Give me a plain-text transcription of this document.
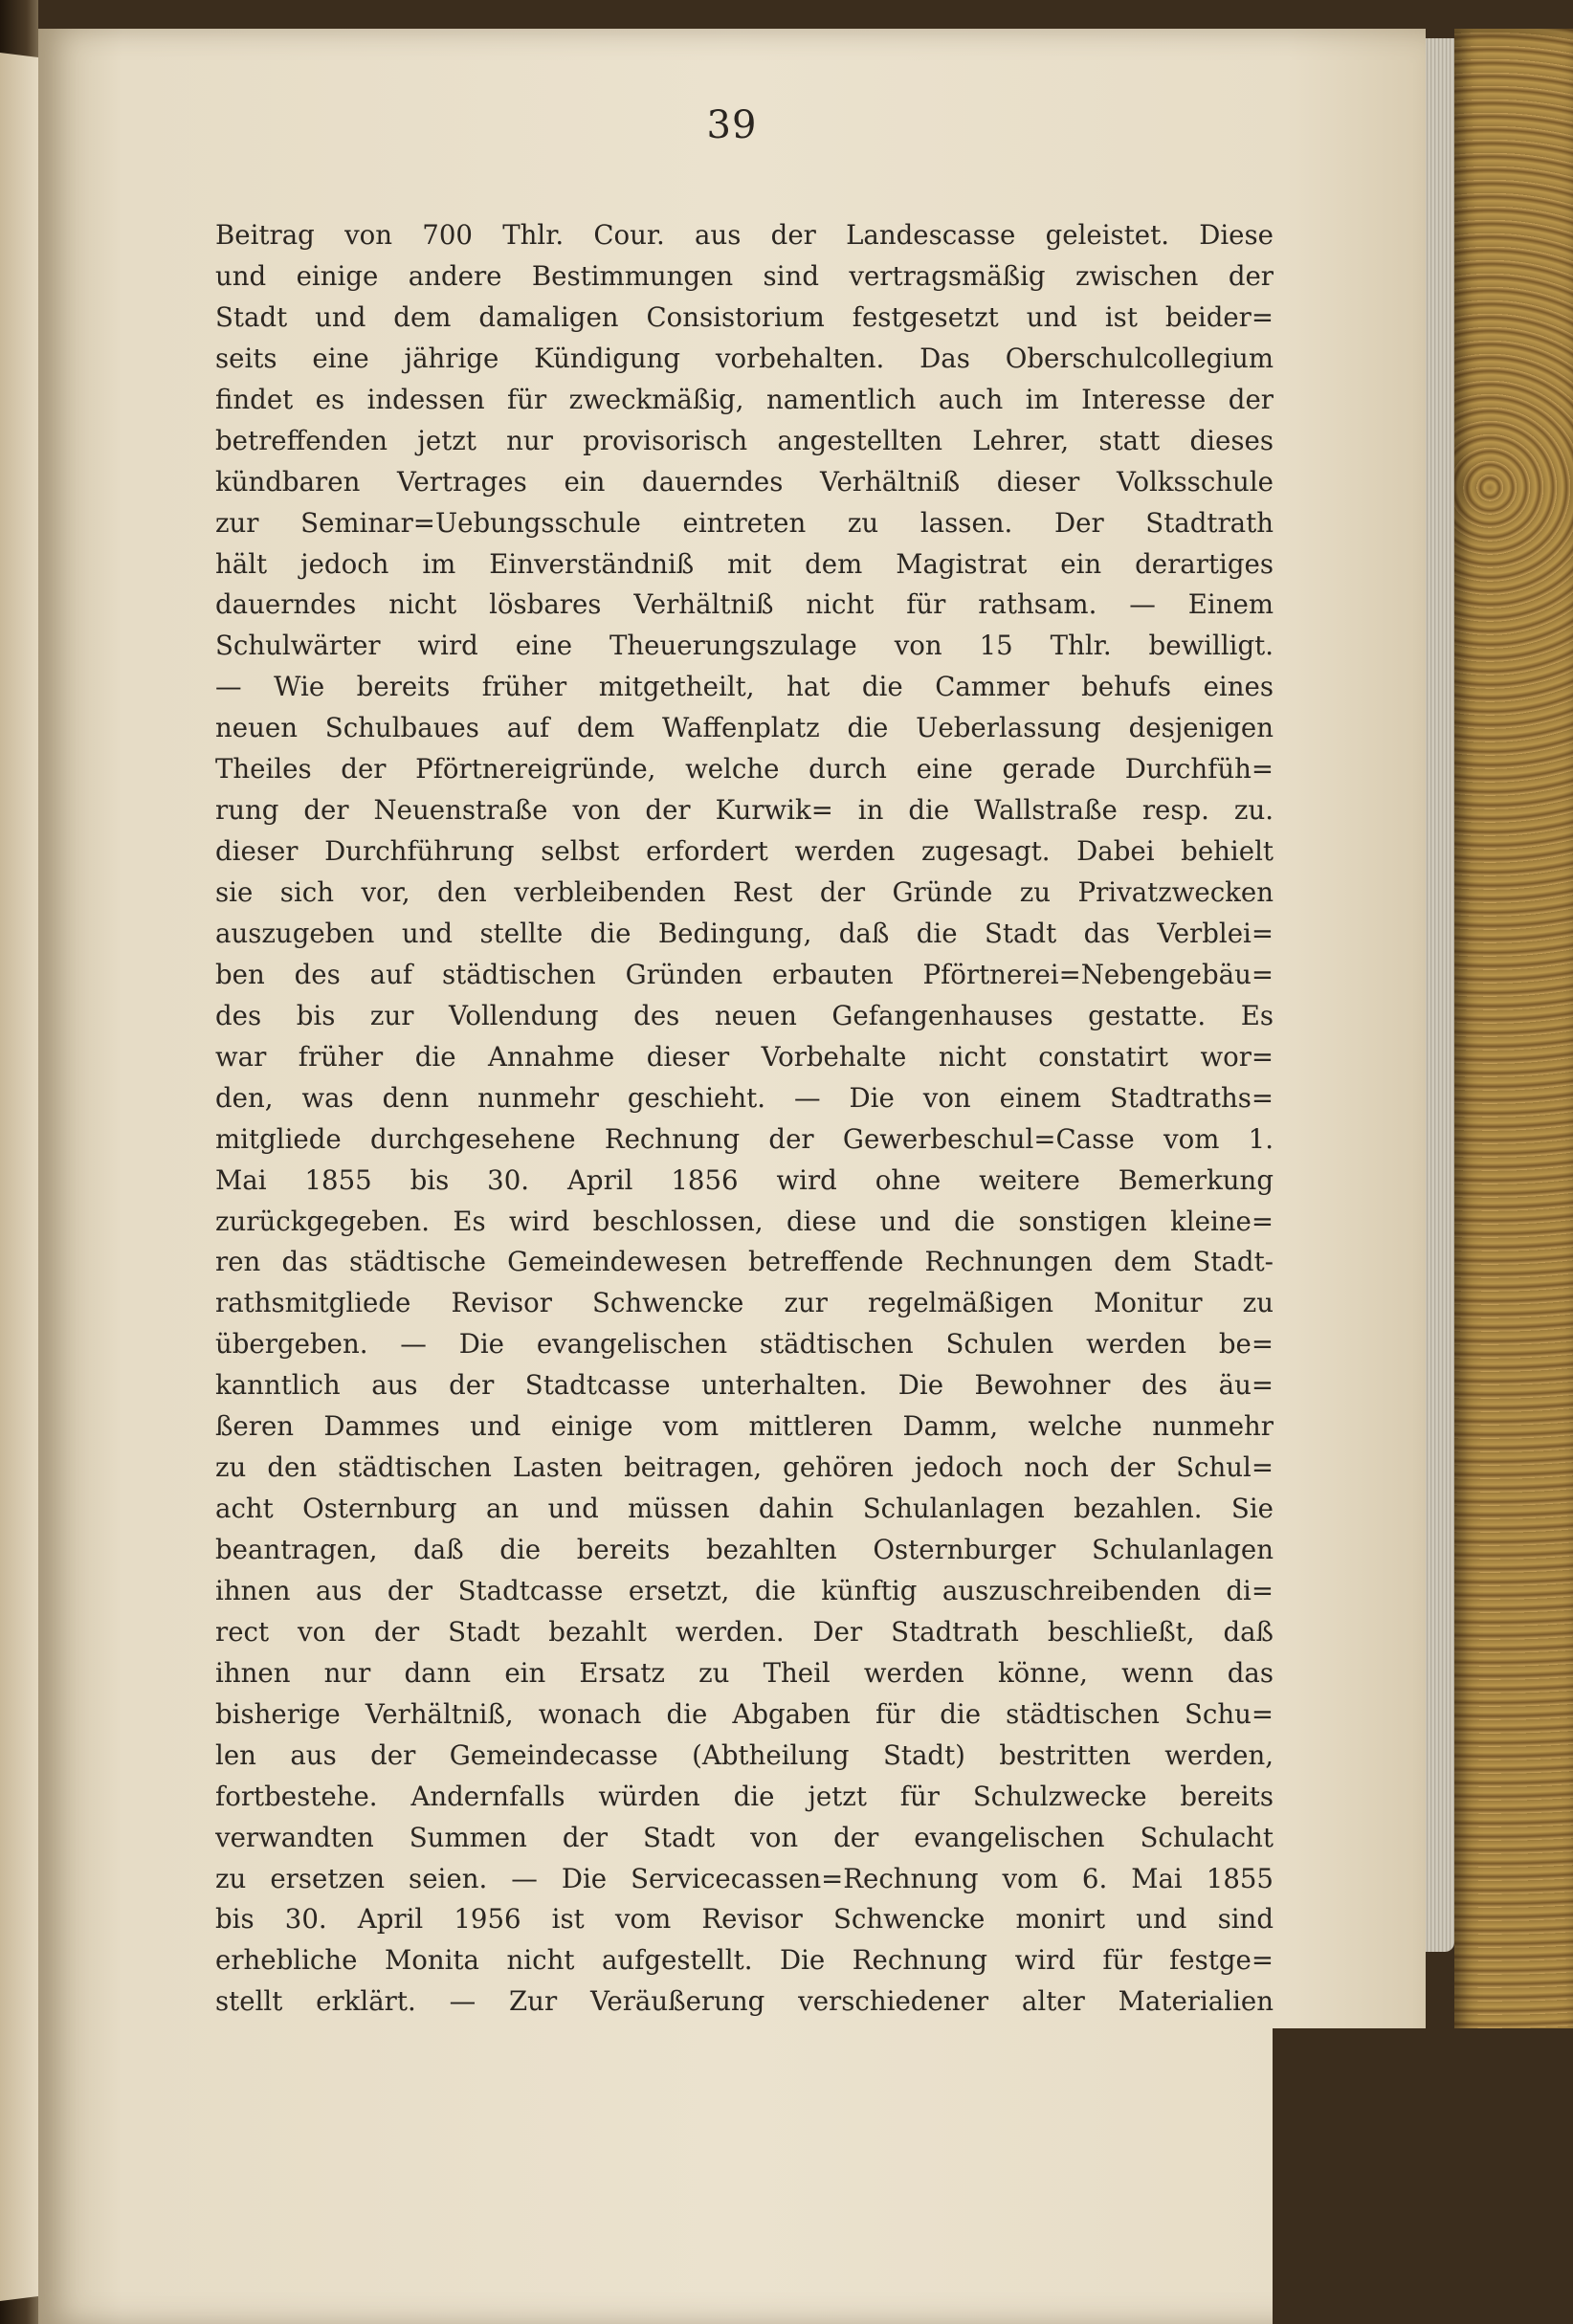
39
Beitrag von 700 Thlr. Cour. aus der Landescasse geleistet. Diese
und einige andere Bestimmungen sind vertragsmäßig zwischen der
Stadt und dem damaligen Consistorium festgesetzt und ist beider=
seits eine jährige Kündigung vorbehalten. Das Oberschulcollegium
findet es indessen für zweckmäßig, namentlich auch im Interesse der
betreffenden jetzt nur provisorisch angestellten Lehrer, statt dieses
kündbaren Vertrages ein dauerndes Verhältniß dieser Volksschule
zur Seminar=Uebungsschule eintreten zu lassen. Der Stadtrath
hält jedoch im Einverständniß mit dem Magistrat ein derartiges
dauerndes nicht lösbares Verhältniß nicht für rathsam. — Einem
Schulwärter wird eine Theuerungszulage von 15 Thlr. bewilligt.
— Wie bereits früher mitgetheilt, hat die Cammer behufs eines
neuen Schulbaues auf dem Waffenplatz die Ueberlassung desjenigen
Theiles der Pförtnereigründe, welche durch eine gerade Durchfüh=
rung der Neuenstraße von der Kurwik= in die Wallstraße resp. zu.
dieser Durchführung selbst erfordert werden zugesagt. Dabei behielt
sie sich vor, den verbleibenden Rest der Gründe zu Privatzwecken
auszugeben und stellte die Bedingung, daß die Stadt das Verblei=
ben des auf städtischen Gründen erbauten Pförtnerei=Nebengebäu=
des bis zur Vollendung des neuen Gefangenhauses gestatte. Es
war früher die Annahme dieser Vorbehalte nicht constatirt wor=
den, was denn nunmehr geschieht. — Die von einem Stadtraths=
mitgliede durchgesehene Rechnung der Gewerbeschul=Casse vom 1.
Mai 1855 bis 30. April 1856 wird ohne weitere Bemerkung
zurückgegeben. Es wird beschlossen, diese und die sonstigen kleine=
ren das städtische Gemeindewesen betreffende Rechnungen dem Stadt-
rathsmitgliede Revisor Schwencke zur regelmäßigen Monitur zu
übergeben. — Die evangelischen städtischen Schulen werden be=
kanntlich aus der Stadtcasse unterhalten. Die Bewohner des äu=
ßeren Dammes und einige vom mittleren Damm, welche nunmehr
zu den städtischen Lasten beitragen, gehören jedoch noch der Schul=
acht Osternburg an und müssen dahin Schulanlagen bezahlen. Sie
beantragen, daß die bereits bezahlten Osternburger Schulanlagen
ihnen aus der Stadtcasse ersetzt, die künftig auszuschreibenden di=
rect von der Stadt bezahlt werden. Der Stadtrath beschließt, daß
ihnen nur dann ein Ersatz zu Theil werden könne, wenn das
bisherige Verhältniß, wonach die Abgaben für die städtischen Schu=
len aus der Gemeindecasse (Abtheilung Stadt) bestritten werden,
fortbestehe. Andernfalls würden die jetzt für Schulzwecke bereits
verwandten Summen der Stadt von der evangelischen Schulacht
zu ersetzen seien. — Die Servicecassen=Rechnung vom 6. Mai 1855
bis 30. April 1956 ist vom Revisor Schwencke monirt und sind
erhebliche Monita nicht aufgestellt. Die Rechnung wird für festge=
stellt erklärt. — Zur Veräußerung verschiedener alter Materialien
